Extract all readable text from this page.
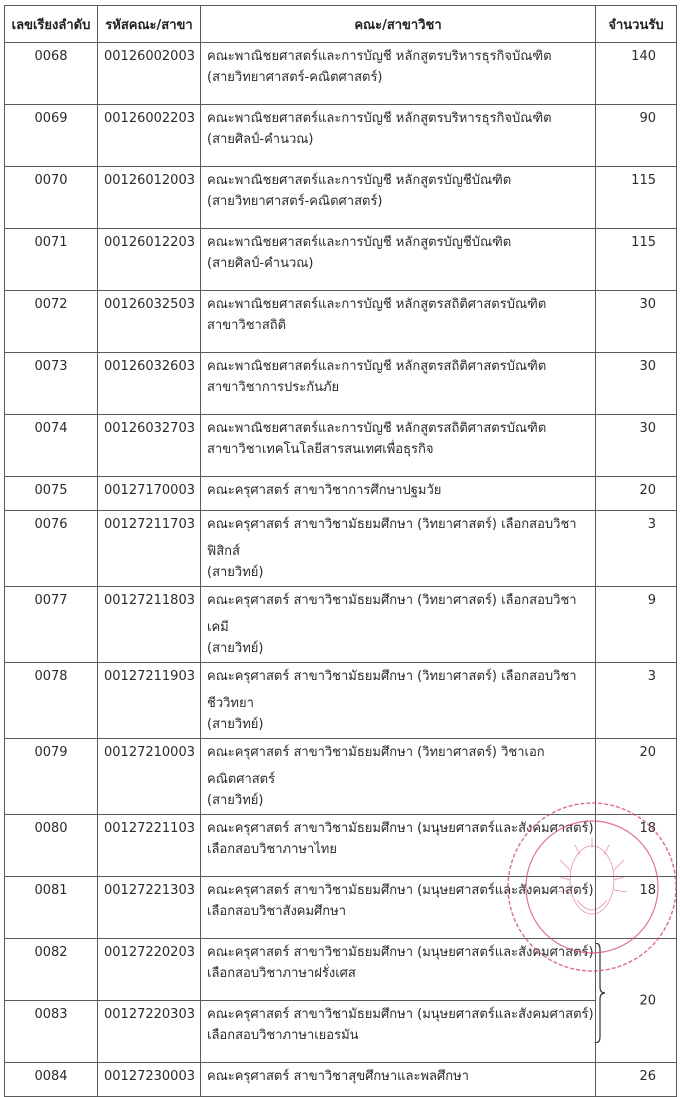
เลขเรียงลำดับ	รหัสคณะ/สาขา	คณะ/สาขาวิชา	จำนวนรับ
0068	00126002003	คณะพาณิชยศาสตร์และการบัญชี หลักสูตรบริหารธุรกิจบัณฑิต
(สายวิทยาศาสตร์-คณิตศาสตร์)	140
0069	00126002203	คณะพาณิชยศาสตร์และการบัญชี หลักสูตรบริหารธุรกิจบัณฑิต
(สายศิลป์-คำนวณ)	90
0070	00126012003	คณะพาณิชยศาสตร์และการบัญชี หลักสูตรบัญชีบัณฑิต
(สายวิทยาศาสตร์-คณิตศาสตร์)	115
0071	00126012203	คณะพาณิชยศาสตร์และการบัญชี หลักสูตรบัญชีบัณฑิต
(สายศิลป์-คำนวณ)	115
0072	00126032503	คณะพาณิชยศาสตร์และการบัญชี หลักสูตรสถิติศาสตรบัณฑิต
สาขาวิชาสถิติ	30
0073	00126032603	คณะพาณิชยศาสตร์และการบัญชี หลักสูตรสถิติศาสตรบัณฑิต
สาขาวิชาการประกันภัย	30
0074	00126032703	คณะพาณิชยศาสตร์และการบัญชี หลักสูตรสถิติศาสตรบัณฑิต
สาขาวิชาเทคโนโลยีสารสนเทศเพื่อธุรกิจ	30
0075	00127170003	คณะครุศาสตร์ สาขาวิชาการศึกษาปฐมวัย	20
0076	00127211703	คณะครุศาสตร์ สาขาวิชามัธยมศึกษา (วิทยาศาสตร์) เลือกสอบวิชาฟิสิกส์
(สายวิทย์)	3
0077	00127211803	คณะครุศาสตร์ สาขาวิชามัธยมศึกษา (วิทยาศาสตร์) เลือกสอบวิชาเคมี
(สายวิทย์)	9
0078	00127211903	คณะครุศาสตร์ สาขาวิชามัธยมศึกษา (วิทยาศาสตร์) เลือกสอบวิชาชีววิทยา
(สายวิทย์)	3
0079	00127210003	คณะครุศาสตร์ สาขาวิชามัธยมศึกษา (วิทยาศาสตร์) วิชาเอกคณิตศาสตร์
(สายวิทย์)	20
0080	00127221103	คณะครุศาสตร์ สาขาวิชามัธยมศึกษา (มนุษยศาสตร์และสังคมศาสตร์)
เลือกสอบวิชาภาษาไทย	18
0081	00127221303	คณะครุศาสตร์ สาขาวิชามัธยมศึกษา (มนุษยศาสตร์และสังคมศาสตร์)
เลือกสอบวิชาสังคมศึกษา	18
0082	00127220203	คณะครุศาสตร์ สาขาวิชามัธยมศึกษา (มนุษยศาสตร์และสังคมศาสตร์)
เลือกสอบวิชาภาษาฝรั่งเศส	20

0083	00127220303	คณะครุศาสตร์ สาขาวิชามัธยมศึกษา (มนุษยศาสตร์และสังคมศาสตร์)
เลือกสอบวิชาภาษาเยอรมัน	

0084	00127230003	คณะครุศาสตร์ สาขาวิชาสุขศึกษาและพลศึกษา	26
